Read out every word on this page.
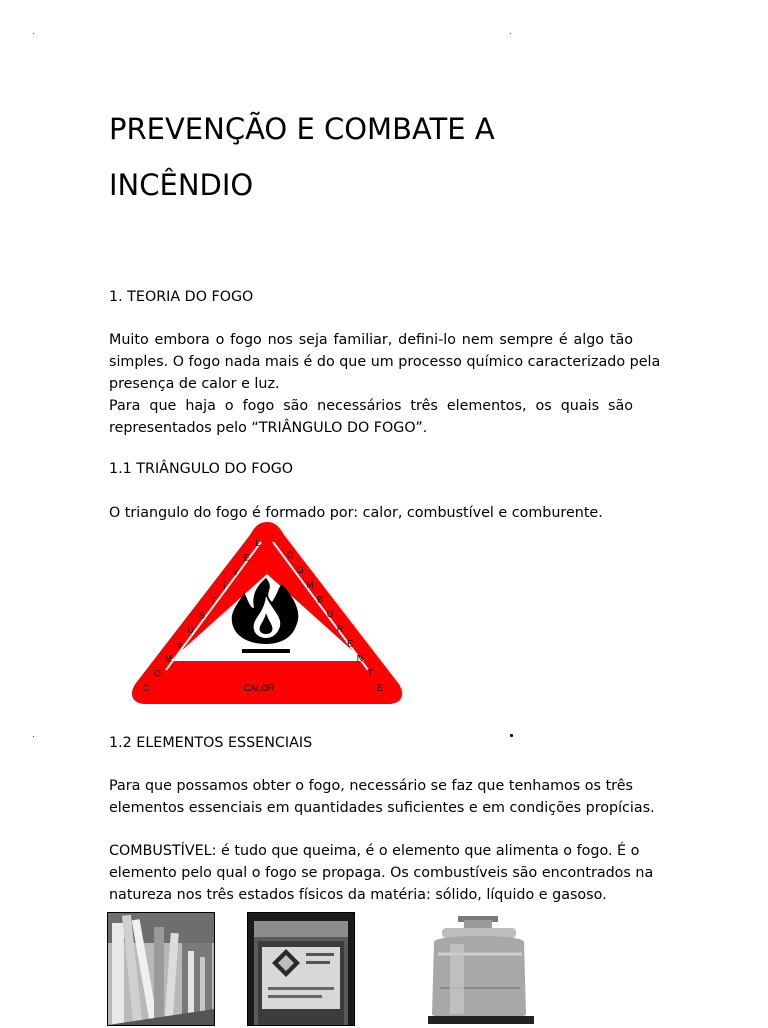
PREVENÇÃO E COMBATE A
INCÊNDIO
1. TEORIA DO FOGO
Muito embora o fogo nos seja familiar, defini-lo nem sempre é algo tão
simples. O fogo nada mais é do que um processo químico caracterizado pela
presença de calor e luz.
Para que haja o fogo são necessários três elementos, os quais são
representados pelo “TRIÂNGULO DO FOGO”.
1.1 TRIÂNGULO DO FOGO
O triangulo do fogo é formado por: calor, combustível e comburente.
L
E
V
Í
T
S
U
B
M
O
C
C
O
M
B
U
R
E
N
T
E
CALOR
1.2 ELEMENTOS ESSENCIAIS
Para que possamos obter o fogo, necessário se faz que tenhamos os três
elementos essenciais em quantidades suficientes e em condições propícias.
COMBUSTÍVEL: é tudo que queima, é o elemento que alimenta o fogo. É o
elemento pelo qual o fogo se propaga. Os combustíveis são encontrados na
natureza nos três estados físicos da matéria: sólido, líquido e gasoso.
